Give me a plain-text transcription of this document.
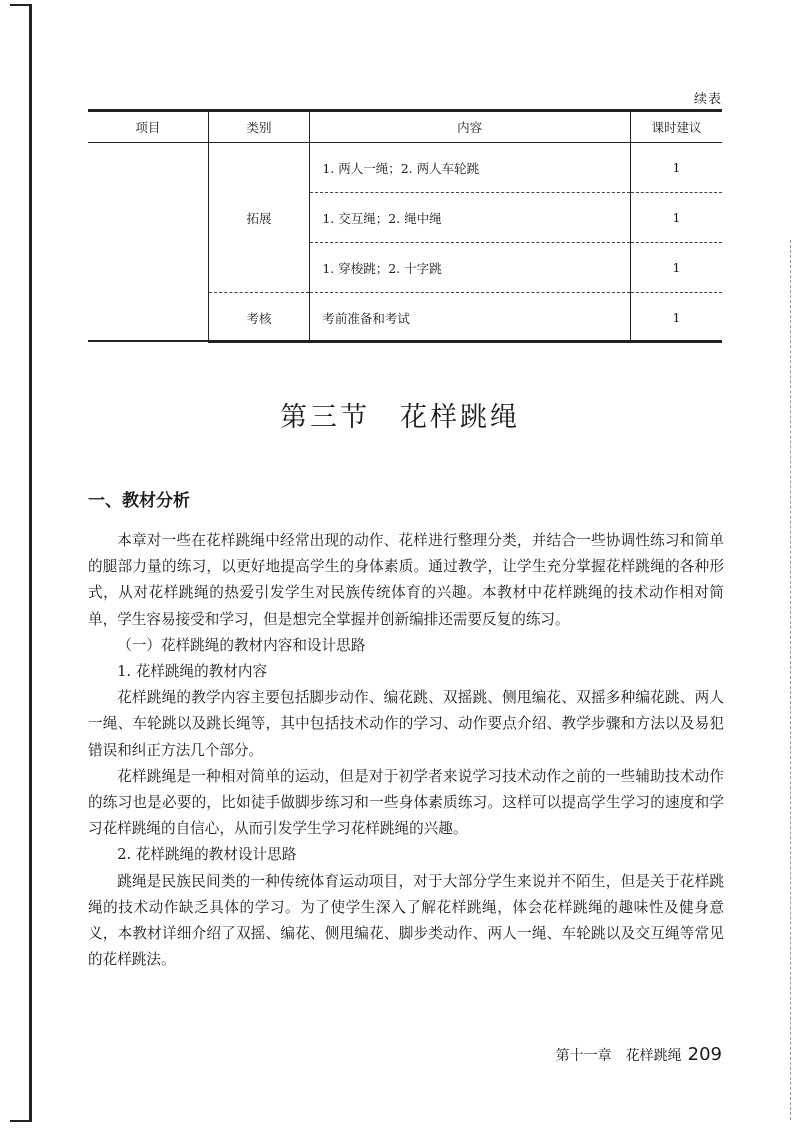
续表
项目	类别	内容	课时建议
	拓展	1. 两人一绳；2. 两人车轮跳	1
		1. 交互绳；2. 绳中绳	1
		1. 穿梭跳；2. 十字跳	1
	考核	考前准备和考试	1
第三节 花样跳绳
一、教材分析

本章对一些在花样跳绳中经常出现的动作、花样进行整理分类，并结合一些协调性练习和简单的腿部力量的练习，以更好地提高学生的身体素质。通过教学，让学生充分掌握花样跳绳的各种形式，从对花样跳绳的热爱引发学生对民族传统体育的兴趣。本教材中花样跳绳的技术动作相对简单，学生容易接受和学习，但是想完全掌握并创新编排还需要反复的练习。

（一）花样跳绳的教材内容和设计思路
1. 花样跳绳的教材内容

花样跳绳的教学内容主要包括脚步动作、编花跳、双摇跳、侧甩编花、双摇多种编花跳、两人一绳、车轮跳以及跳长绳等，其中包括技术动作的学习、动作要点介绍、教学步骤和方法以及易犯错误和纠正方法几个部分。

花样跳绳是一种相对简单的运动，但是对于初学者来说学习技术动作之前的一些辅助技术动作的练习也是必要的，比如徒手做脚步练习和一些身体素质练习。这样可以提高学生学习的速度和学习花样跳绳的自信心，从而引发学生学习花样跳绳的兴趣。

2. 花样跳绳的教材设计思路

跳绳是民族民间类的一种传统体育运动项目，对于大部分学生来说并不陌生，但是关于花样跳绳的技术动作缺乏具体的学习。为了使学生深入了解花样跳绳，体会花样跳绳的趣味性及健身意义，本教材详细介绍了双摇、编花、侧甩编花、脚步类动作、两人一绳、车轮跳以及交互绳等常见的花样跳法。

第十一章　花样跳绳 209
